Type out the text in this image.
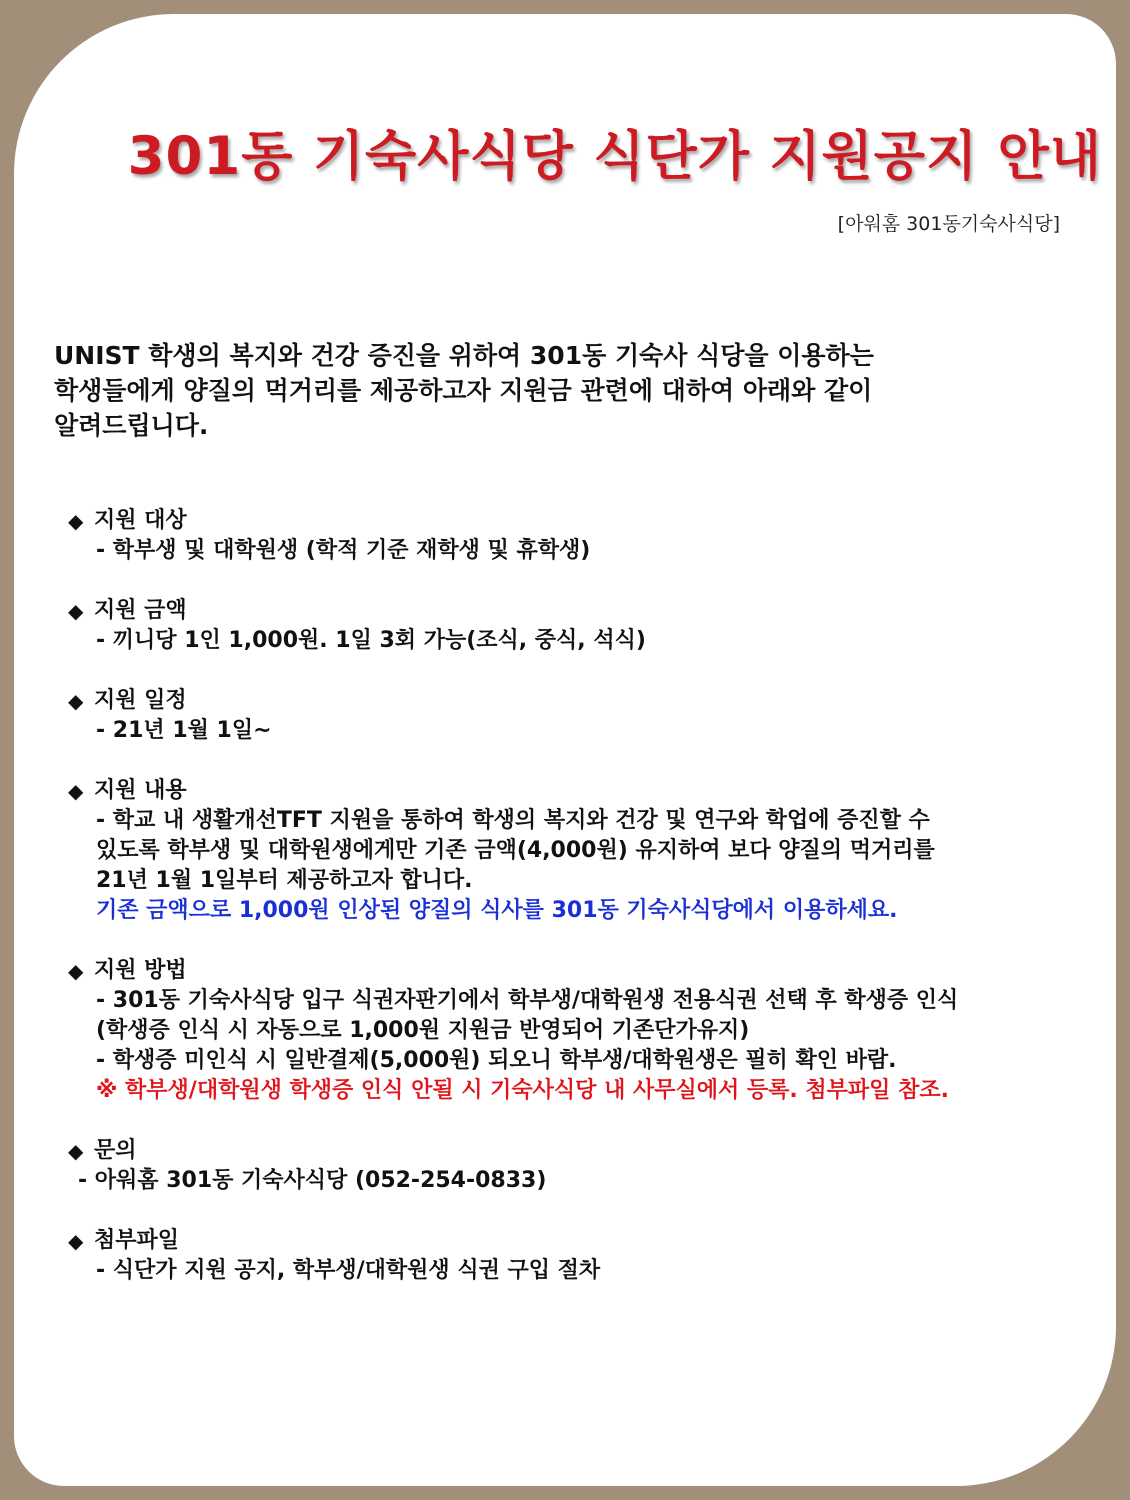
301동 기숙사식당 식단가 지원공지 안내
[아워홈 301동기숙사식당]
UNIST 학생의 복지와 건강 증진을 위하여 301동 기숙사 식당을 이용하는
학생들에게 양질의 먹거리를 제공하고자 지원금 관련에 대하여 아래와 같이
알려드립니다.
◆ 지원 대상
- 학부생 및 대학원생 (학적 기준 재학생 및 휴학생)
◆ 지원 금액
- 끼니당 1인 1,000원. 1일 3회 가능(조식, 중식, 석식)
◆ 지원 일정
- 21년 1월 1일~
◆ 지원 내용
- 학교 내 생활개선TFT 지원을 통하여 학생의 복지와 건강 및 연구와 학업에 증진할 수
있도록 학부생 및 대학원생에게만 기존 금액(4,000원) 유지하여 보다 양질의 먹거리를
21년 1월 1일부터 제공하고자 합니다.
기존 금액으로 1,000원 인상된 양질의 식사를 301동 기숙사식당에서 이용하세요.
◆ 지원 방법
- 301동 기숙사식당 입구 식권자판기에서 학부생/대학원생 전용식권 선택 후 학생증 인식
(학생증 인식 시 자동으로 1,000원 지원금 반영되어 기존단가유지)
- 학생증 미인식 시 일반결제(5,000원) 되오니 학부생/대학원생은 필히 확인 바람.
※ 학부생/대학원생 학생증 인식 안될 시 기숙사식당 내 사무실에서 등록. 첨부파일 참조.
◆ 문의
- 아워홈 301동 기숙사식당 (052-254-0833)
◆ 첨부파일
- 식단가 지원 공지, 학부생/대학원생 식권 구입 절차
